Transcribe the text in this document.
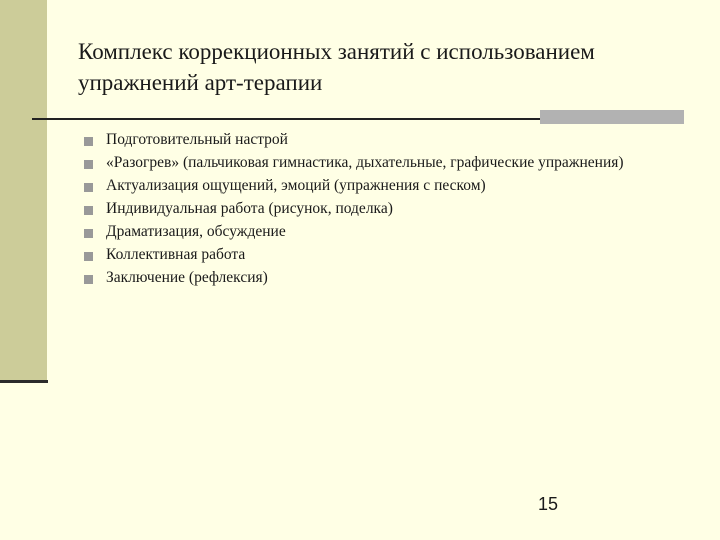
Комплекс коррекционных занятий с использованием упражнений арт-терапии
Подготовительный настрой
«Разогрев» (пальчиковая гимнастика, дыхательные, графические упражнения)
Актуализация ощущений, эмоций (упражнения с песком)
Индивидуальная работа (рисунок, поделка)
Драматизация, обсуждение
Коллективная работа
Заключение (рефлексия)
15
